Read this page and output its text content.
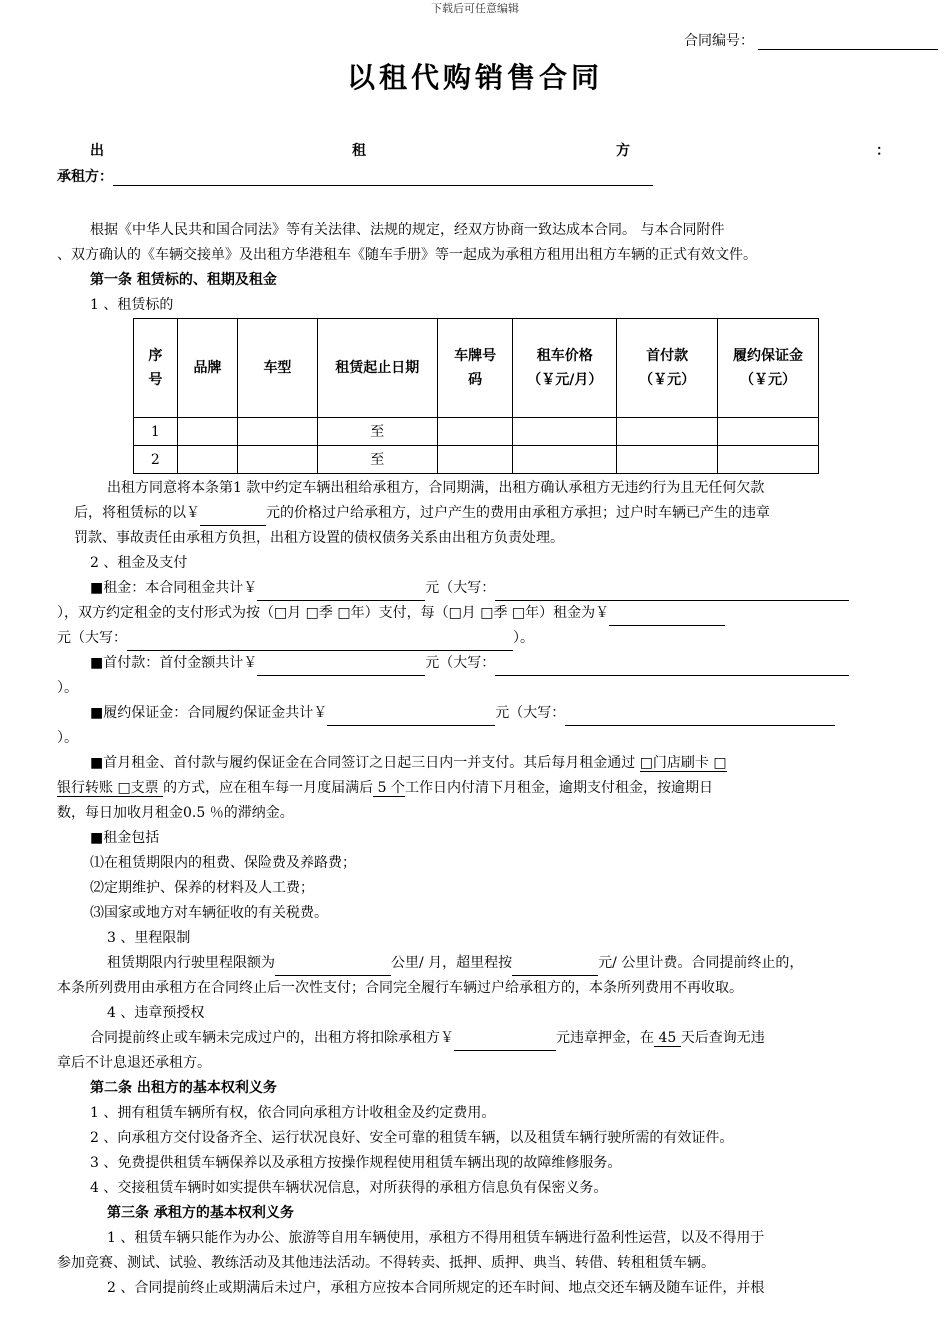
下载后可任意编辑
合同编号：
以租代购销售合同
出	租	方	：
承租方：
根据《中华人民共和国合同法》等有关法律、法规的规定，经双方协商一致达成本合同。 与本合同附件
、双方确认的《车辆交接单》及出租方华港租车《随车手册》等一起成为承租方租用出租方车辆的正式有效文件。
第一条 租赁标的、租期及租金
1 、租赁标的
序号	品牌	车型	租赁起止日期	车牌号码	租车价格（￥元/月）	首付款（￥元）	履约保证金（￥元）
1			至				
2			至				
出租方同意将本条第1 款中约定车辆出租给承租方，合同期满，出租方确认承租方无违约行为且无任何欠款
后，将租赁标的以￥	元的价格过户给承租方，过户产生的费用由承租方承担；过户时车辆已产生的违章
罚款、事故责任由承租方负担，出租方设置的债权债务关系由出租方负责处理。
2 、租金及支付
■租金：本合同租金共计￥	元（大写：
），双方约定租金的支付形式为按（□月 □季 □年）支付，每（□月 □季 □年）租金为￥
元（大写：	）。
■首付款：首付金额共计￥	元（大写：
）。
■履约保证金：合同履约保证金共计￥	元（大写：
）。
■首月租金、首付款与履约保证金在合同签订之日起三日内一并支付。其后每月租金通过 □门店刷卡 □
银行转账 □支票 的方式，应在租车每一月度届满后 5 个工作日内付清下月租金，逾期支付租金，按逾期日
数，每日加收月租金0.5 ％的滞纳金。
■租金包括
⑴在租赁期限内的租费、保险费及养路费；
⑵定期维护、保养的材料及人工费；
⑶国家或地方对车辆征收的有关税费。
3 、里程限制
租赁期限内行驶里程限额为	公里/ 月，超里程按	元/ 公里计费。合同提前终止的，
本条所列费用由承租方在合同终止后一次性支付；合同完全履行车辆过户给承租方的，本条所列费用不再收取。
4 、违章预授权
合同提前终止或车辆未完成过户的，出租方将扣除承租方￥	元违章押金，在 45 天后查询无违
章后不计息退还承租方。
第二条 出租方的基本权利义务
1 、拥有租赁车辆所有权，依合同向承租方计收租金及约定费用。
2 、向承租方交付设备齐全、运行状况良好、安全可靠的租赁车辆，以及租赁车辆行驶所需的有效证件。
3 、免费提供租赁车辆保养以及承租方按操作规程使用租赁车辆出现的故障维修服务。
4 、交接租赁车辆时如实提供车辆状况信息，对所获得的承租方信息负有保密义务。
第三条 承租方的基本权利义务
1 、租赁车辆只能作为办公、旅游等自用车辆使用，承租方不得用租赁车辆进行盈利性运营，以及不得用于
参加竞赛、测试、试验、教练活动及其他违法活动。不得转卖、抵押、质押、典当、转借、转租租赁车辆。
2 、合同提前终止或期满后未过户，承租方应按本合同所规定的还车时间、地点交还车辆及随车证件，并根
